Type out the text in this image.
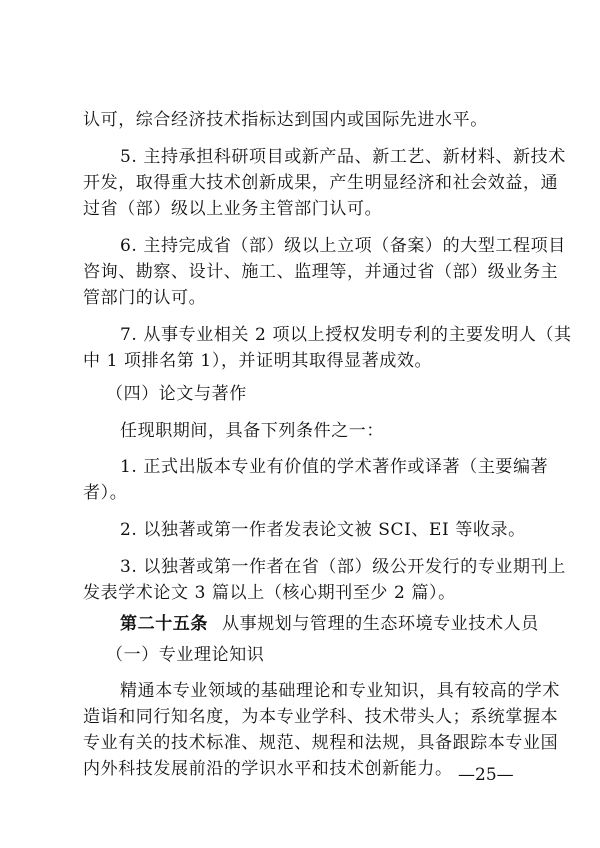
认可，综合经济技术指标达到国内或国际先进水平。
5. 主持承担科研项目或新产品、新工艺、新材料、新技术
开发，取得重大技术创新成果，产生明显经济和社会效益，通
过省（部）级以上业务主管部门认可。
6. 主持完成省（部）级以上立项（备案）的大型工程项目
咨询、勘察、设计、施工、监理等，并通过省（部）级业务主
管部门的认可。
7. 从事专业相关 2 项以上授权发明专利的主要发明人（其
中 1 项排名第 1），并证明其取得显著成效。
（四）论文与著作
任现职期间，具备下列条件之一：
1. 正式出版本专业有价值的学术著作或译著（主要编著
者）。
2. 以独著或第一作者发表论文被 SCI、EI 等收录。
3. 以独著或第一作者在省（部）级公开发行的专业期刊上
发表学术论文 3 篇以上（核心期刊至少 2 篇）。
第二十五条 从事规划与管理的生态环境专业技术人员
（一）专业理论知识
精通本专业领域的基础理论和专业知识，具有较高的学术
造诣和同行知名度，为本专业学科、技术带头人；系统掌握本
专业有关的技术标准、规范、规程和法规，具备跟踪本专业国
内外科技发展前沿的学识水平和技术创新能力。 —25—
